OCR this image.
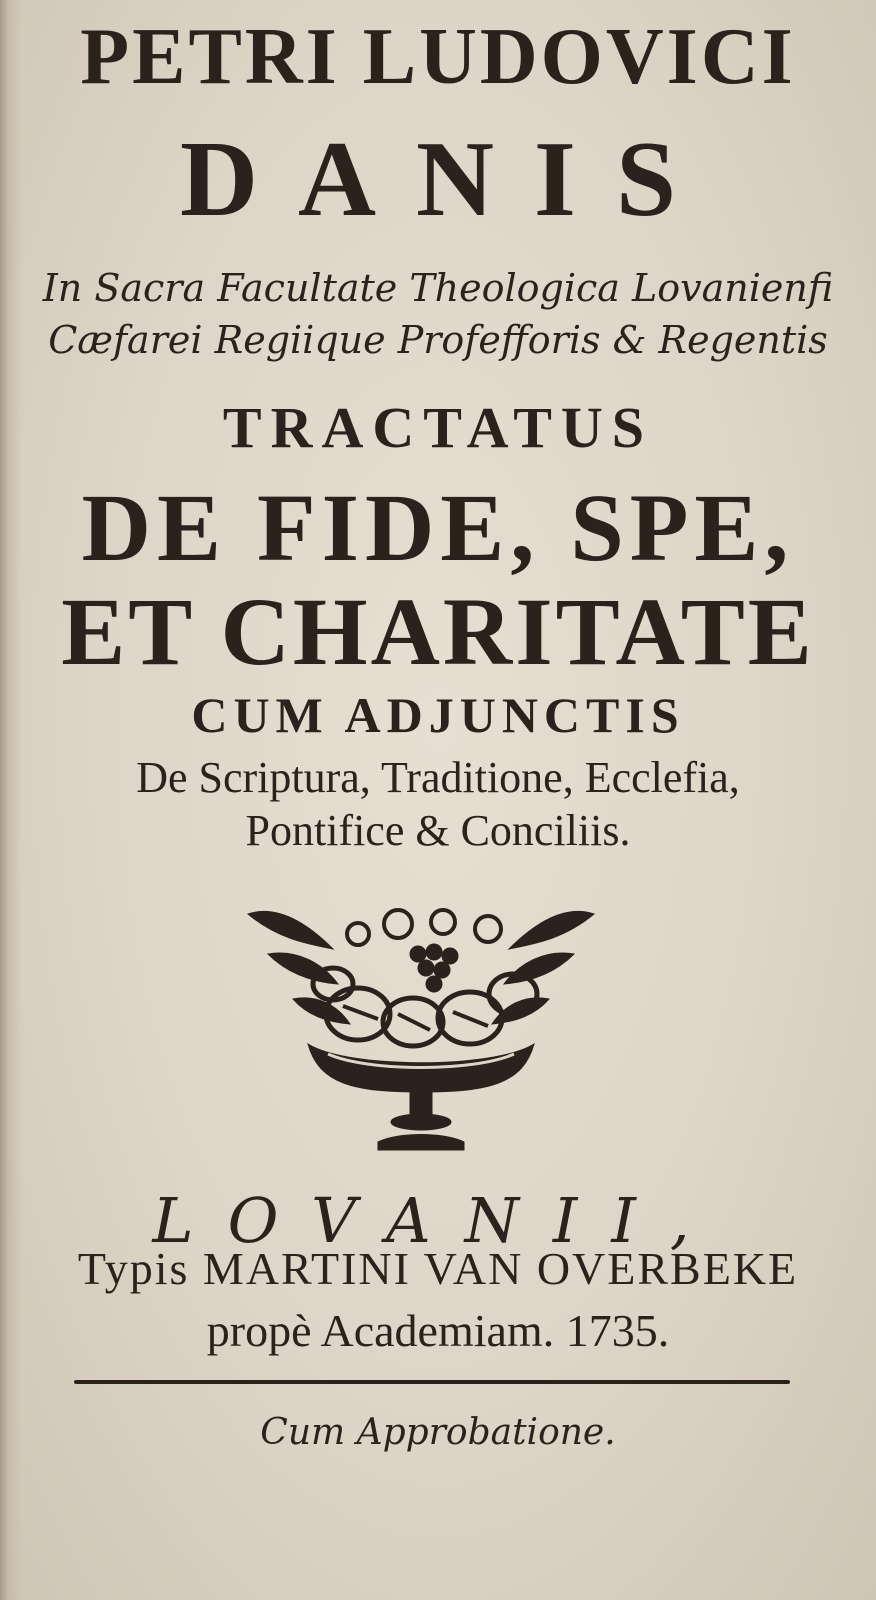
PETRI LUDOVICI
DANIS
In Sacra Facultate Theologica Lovanienfi
Cæfarei Regiique Profefforis & Regentis
TRACTATUS
DE FIDE, SPE,
ET CHARITATE
CUM ADJUNCTIS
De Scriptura, Traditione, Ecclefia,
Pontifice & Conciliis.
LOVANII,
Typis MARTINI VAN OVERBEKE
propè Academiam. 1735.
Cum Approbatione.
